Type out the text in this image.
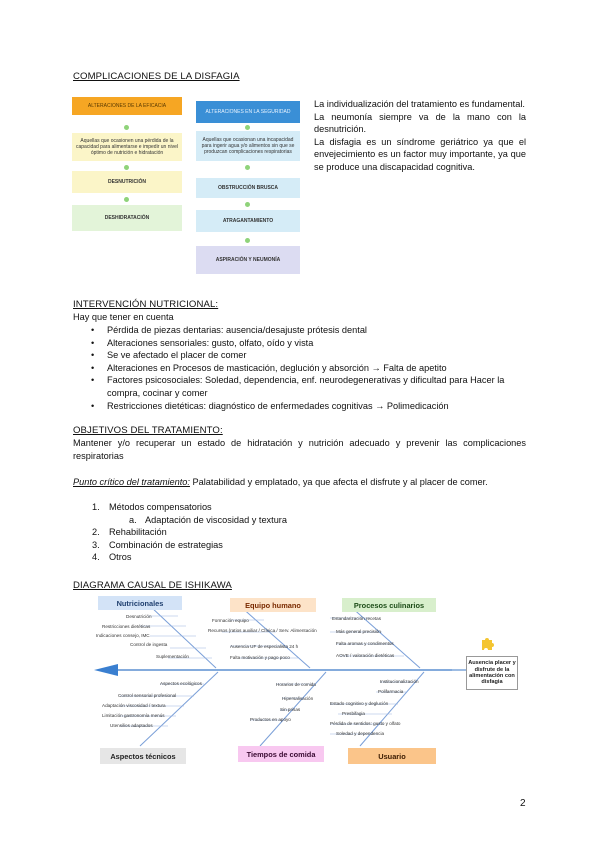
COMPLICACIONES DE LA DISFAGIA
ALTERACIONES DE LA EFICACIA
Aquellas que ocasionen una pérdida de la capacidad para alimentarse e impedir un nivel óptimo de nutrición e hidratación
DESNUTRICIÓN
DESHIDRATACIÓN
ALTERACIONES EN LA SEGURIDAD
Aquellas que ocasionan una incapacidad para ingerir agua y/o alimentos sin que se produzcan complicaciones respiratorias
OBSTRUCCIÓN BRUSCA
ATRAGANTAMIENTO
ASPIRACIÓN Y NEUMONÍA
La individualización del tratamiento es fundamental.
La neumonía siempre va de la mano con la desnutrición.
La disfagia es un síndrome geriátrico ya que el envejecimiento es un factor muy importante, ya que se produce una discapacidad cognitiva.
INTERVENCIÓN NUTRICIONAL:
Hay que tener en cuenta
• Pérdida de piezas dentarias: ausencia/desajuste prótesis dental
• Alteraciones sensoriales: gusto, olfato, oído y vista
• Se ve afectado el placer de comer
• Alteraciones en Procesos de masticación, deglución y absorción → Falta de apetito
• Factores psicosociales: Soledad, dependencia, enf. neurodegenerativas y dificultad para Hacer la compra, cocinar y comer
• Restricciones dietéticas: diagnóstico de enfermedades cognitivas → Polimedicación
OBJETIVOS DEL TRATAMIENTO:
Mantener y/o recuperar un estado de hidratación y nutrición adecuado y prevenir las complicaciones respiratorias
Punto crítico del tratamiento: Palatabilidad y emplatado, ya que afecta el disfrute y al placer de comer.
1. Métodos compensatorios
a. Adaptación de viscosidad y textura
2. Rehabilitación
3. Combinación de estrategias
4. Otros
DIAGRAMA CAUSAL DE ISHIKAWA
Nutricionales	Equipo humano	Procesos culinarios
Aspectos técnicos	Tiempos de comida	Usuario
Ausencia placer y disfrute de la alimentación con disfagia
Desnutrición
Restricciones dietéticas
Indicaciones consejo, IMC
Control de ingesta
Suplementación
Formación equipo
Recursos (ratios auxiliar / Clínica / Serv. Alimentación
Ausencia UF de especialista 24 h
Falta motivación y pago poco
Estandarización recetas
Más general precisión
Falta aromas y condimentos
AOVE / valoración dietéticas
Aspectos ecológicos
Control sensorial profesional
Adaptación viscosidad / textura
Limitación gastronomía menús
Utensilios adaptados
Horarios de comida
Hipersalivación
Sin prisas
Productos en apoyo
Institucionalización
Polifarmacia
Estado cognitivo y deglución
Presbifagia
Pérdida de sentidos: gusto y olfato
Soledad y dependencia
2
